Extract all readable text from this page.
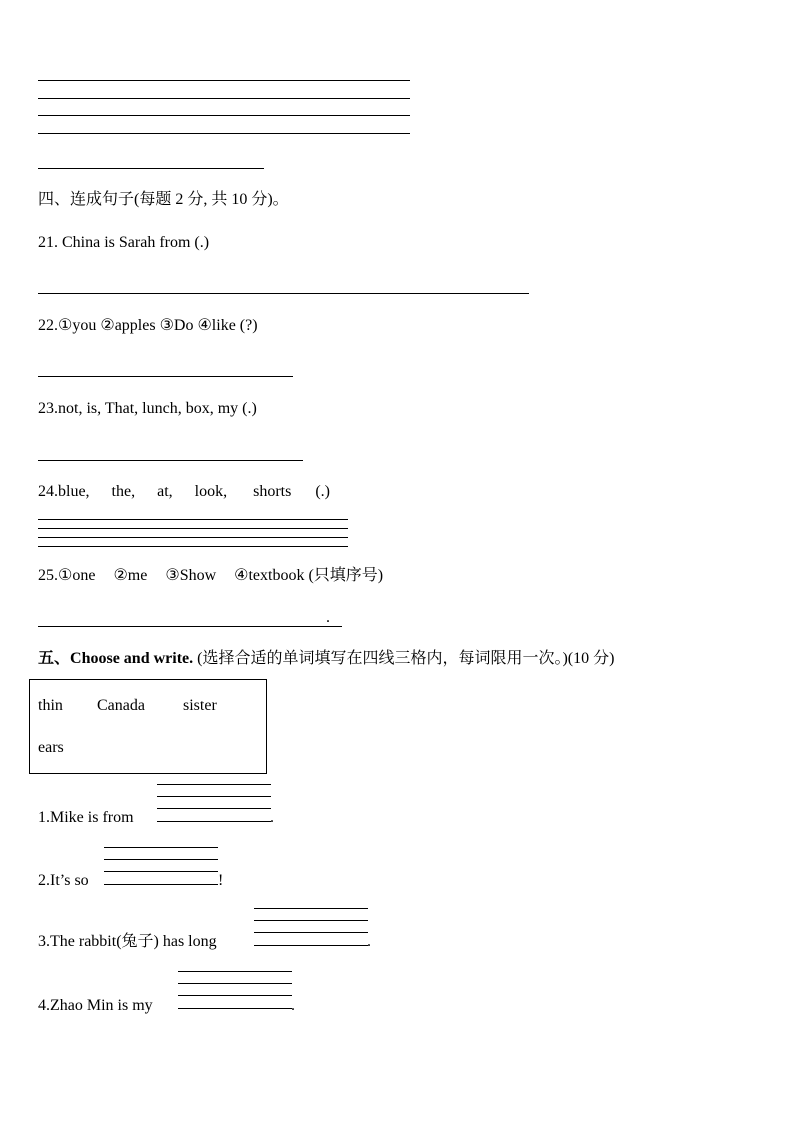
四、连成句子(每题 2 分, 共 10 分)。
21. China is Sarah from (.)
22.①you ②apples ③Do ④like (?)
23.not, is, That, lunch, box, my (.)
24.blue, the, at, look, shorts (.)
25.①one ②me ③Show ④textbook (只填序号)
.
五、Choose and write. (选择合适的单词填写在四线三格内，每词限用一次。)(10 分)
thin Canada sister
ears
1.Mike is from	.
2.It’s so	!
3.The rabbit(兔子) has long	.
4.Zhao Min is my	.
